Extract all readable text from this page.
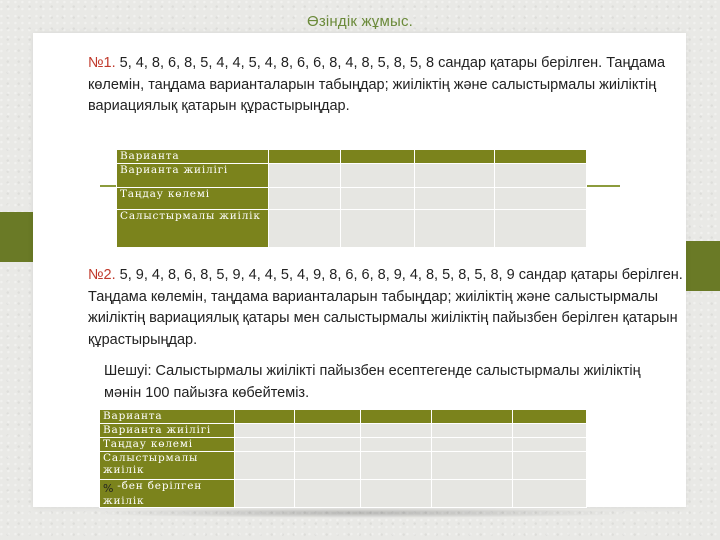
Өзіндік жұмыс.
№1. 5, 4, 8, 6, 8, 5, 4, 4, 5, 4, 8, 6, 6, 8, 4, 8, 5, 8, 5, 8 сандар қатары берілген. Таңдама көлемін, таңдама варианталарын табыңдар; жиіліктің және салыстырмалы жиіліктің вариациялық қатарын құрастырыңдар.
Варианта				
Варианта жиілігі				
Таңдау көлемі				
Салыстырмалы жиілік				
№2. 5, 9, 4, 8, 6, 8, 5, 9, 4, 4, 5, 4, 9, 8, 6, 6, 8, 9, 4, 8, 5, 8, 5, 8, 9 сандар қатары берілген. Таңдама көлемін, таңдама варианталарын табыңдар; жиіліктің және салыстырмалы жиіліктің вариациялық қатары мен салыстырмалы жиіліктің пайызбен берілген қатарын құрастырыңдар.
Шешуі: Салыстырмалы жиілікті пайызбен есептегенде салыстырмалы жиіліктің мәнін 100 пайызға көбейтеміз.
Варианта					
Варианта жиілігі					
Таңдау көлемі					
Салыстырмалы жиілік					
% -бен берілген жиілік					
